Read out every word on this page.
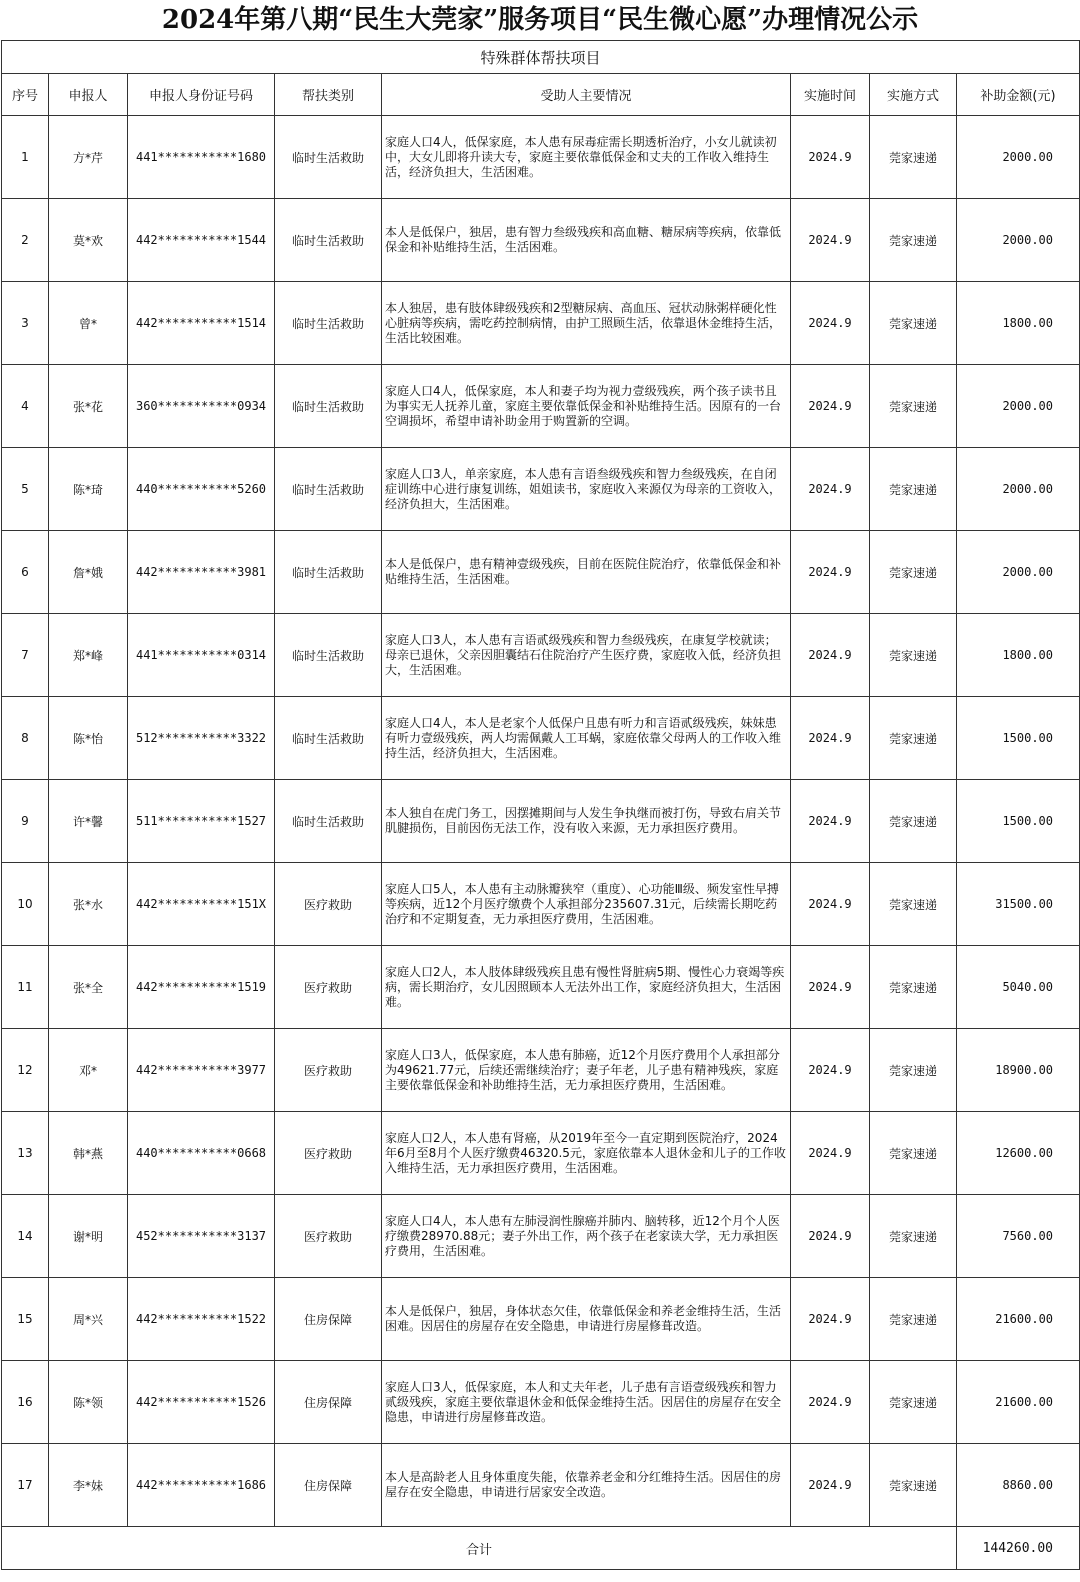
2024年第八期“民生大莞家”服务项目“民生微心愿”办理情况公示
特殊群体帮扶项目							
序号	申报人	申报人身份证号码	帮扶类别	受助人主要情况	实施时间	实施方式	补助金额(元)
1	方*芹	441***********1680	临时生活救助	家庭人口4人，低保家庭，本人患有尿毒症需长期透析治疗，小女儿就读初中，大女儿即将升读大专，家庭主要依靠低保金和丈夫的工作收入维持生活，经济负担大，生活困难。	2024.9	莞家速递	2000.00
2	莫*欢	442***********1544	临时生活救助	本人是低保户，独居，患有智力叁级残疾和高血糖、糖尿病等疾病，依靠低保金和补贴维持生活，生活困难。	2024.9	莞家速递	2000.00
3	曾*	442***********1514	临时生活救助	本人独居，患有肢体肆级残疾和2型糖尿病、高血压、冠状动脉粥样硬化性心脏病等疾病，需吃药控制病情，由护工照顾生活，依靠退休金维持生活，生活比较困难。	2024.9	莞家速递	1800.00
4	张*花	360***********0934	临时生活救助	家庭人口4人，低保家庭，本人和妻子均为视力壹级残疾，两个孩子读书且为事实无人抚养儿童，家庭主要依靠低保金和补贴维持生活。因原有的一台空调损坏，希望申请补助金用于购置新的空调。	2024.9	莞家速递	2000.00
5	陈*琦	440***********5260	临时生活救助	家庭人口3人，单亲家庭，本人患有言语叁级残疾和智力叁级残疾，在自闭症训练中心进行康复训练，姐姐读书，家庭收入来源仅为母亲的工资收入，经济负担大，生活困难。	2024.9	莞家速递	2000.00
6	詹*娥	442***********3981	临时生活救助	本人是低保户，患有精神壹级残疾，目前在医院住院治疗，依靠低保金和补贴维持生活，生活困难。	2024.9	莞家速递	2000.00
7	郑*峰	441***********0314	临时生活救助	家庭人口3人，本人患有言语贰级残疾和智力叁级残疾，在康复学校就读；母亲已退休，父亲因胆囊结石住院治疗产生医疗费，家庭收入低，经济负担大，生活困难。	2024.9	莞家速递	1800.00
8	陈*怡	512***********3322	临时生活救助	家庭人口4人，本人是老家个人低保户且患有听力和言语贰级残疾，妹妹患有听力壹级残疾，两人均需佩戴人工耳蜗，家庭依靠父母两人的工作收入维持生活，经济负担大，生活困难。	2024.9	莞家速递	1500.00
9	许*馨	511***********1527	临时生活救助	本人独自在虎门务工，因摆摊期间与人发生争执继而被打伤，导致右肩关节肌腱损伤，目前因伤无法工作，没有收入来源，无力承担医疗费用。	2024.9	莞家速递	1500.00
10	张*水	442***********151X	医疗救助	家庭人口5人，本人患有主动脉瓣狭窄（重度）、心功能Ⅲ级、频发室性早搏等疾病，近12个月医疗缴费个人承担部分235607.31元，后续需长期吃药治疗和不定期复查，无力承担医疗费用，生活困难。	2024.9	莞家速递	31500.00
11	张*全	442***********1519	医疗救助	家庭人口2人，本人肢体肆级残疾且患有慢性肾脏病5期、慢性心力衰竭等疾病，需长期治疗，女儿因照顾本人无法外出工作，家庭经济负担大，生活困难。	2024.9	莞家速递	5040.00
12	邓*	442***********3977	医疗救助	家庭人口3人，低保家庭，本人患有肺癌，近12个月医疗费用个人承担部分为49621.77元，后续还需继续治疗；妻子年老，儿子患有精神残疾，家庭主要依靠低保金和补助维持生活，无力承担医疗费用，生活困难。	2024.9	莞家速递	18900.00
13	韩*燕	440***********0668	医疗救助	家庭人口2人，本人患有肾癌，从2019年至今一直定期到医院治疗，2024年6月至8月个人医疗缴费46320.5元，家庭依靠本人退休金和儿子的工作收入维持生活，无力承担医疗费用，生活困难。	2024.9	莞家速递	12600.00
14	谢*明	452***********3137	医疗救助	家庭人口4人，本人患有左肺浸润性腺癌并肺内、脑转移，近12个月个人医疗缴费28970.88元；妻子外出工作，两个孩子在老家读大学，无力承担医疗费用，生活困难。	2024.9	莞家速递	7560.00
15	周*兴	442***********1522	住房保障	本人是低保户，独居，身体状态欠佳，依靠低保金和养老金维持生活，生活困难。因居住的房屋存在安全隐患，申请进行房屋修葺改造。	2024.9	莞家速递	21600.00
16	陈*领	442***********1526	住房保障	家庭人口3人，低保家庭，本人和丈夫年老，儿子患有言语壹级残疾和智力贰级残疾，家庭主要依靠退休金和低保金维持生活。因居住的房屋存在安全隐患，申请进行房屋修葺改造。	2024.9	莞家速递	21600.00
17	李*妹	442***********1686	住房保障	本人是高龄老人且身体重度失能，依靠养老金和分红维持生活。因居住的房屋存在安全隐患，申请进行居家安全改造。	2024.9	莞家速递	8860.00
合计							144260.00
